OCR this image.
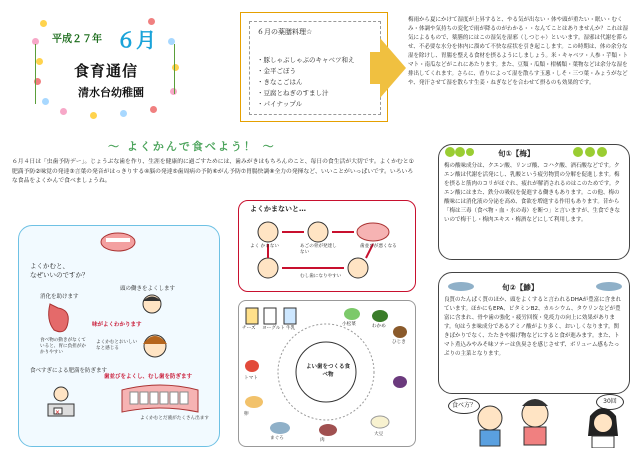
平成２７年 ６月
食育通信
清水台幼稚園
６月の薬膳料理☆
・豚しゃぶしゃぶのキャベツ和え
・金平ごぼう
・きなこごはん
・豆腐とねぎのすまし汁
・パイナップル
梅雨から夏にかけて湿度が上昇すると、やる気が出ない・体や頭が重たい・眠い・むくみ・体調や気持ちの変化で雨が降るのがわかる・・なんてことはありませんか？これは湿気によるもので、薬膳的にはこの湿気を湿邪（しつじゃ）といいます。湿邪は代謝を滞らせ、不必要な水分を体内に溜めて不快な症状を引き起こします。この時期は、体の余分な湿を除けし、胃腸を整える食材を摂るようにしましょう。米・キャベツ・人参・芋類・トマト・南瓜などがこれにあたります。また、豆類・瓜類・柑橘類・葉物などは余分な湿を排出してくれます。さらに、香りによって湿を散らす玉葱・しそ・三つ葉・みょうがなどや、発汗させて湿を散らす生姜・ねぎなどを合わせて摂るのも効果的です。
～ よくかんで食べよう！ ～
６月４日は「虫歯予防デー」。じょうぶな歯を作り、生涯を健康的に過ごすためには、歯みがきはもちろんのこと、毎日の食生活が大切です。よくかむと①肥満予防②味覚の発達③言葉の発音がはっきりする④脳の発達⑤歯周病の予防⑥がん予防⑦胃腸快調⑧全力の発揮など、いいことがいっぱいです。いろいろな食品をよくかんで食べましょうね。
よくかむと、
なぜいいのですか？
消化を助けます
頭の働きをよくします
味がよくわかります
食べ物の動きがなくていると、胃に負担がかかりやすい
よくかむとおいしいなと感じる
食べすぎによる肥満を防ぎます
歯並びをよくし、むし歯を防ぎます
×
よくかむとだ液がたくさん出ます
よくかまないと…
よく かまない	あごの骨が発達しない
歯並びが悪くなる
むし歯になりやすい
よい歯をつくる食べ物
チーズ ヨーグルト 牛乳
小松菜	わかめ
ひじき
トマト
卵
まぐろ	肉
大豆
旬①【梅】
梅の酸味成分は、クエン酸、リンゴ酸、コハク酸、酒石酸などです。クエン酸は代謝を活発にし、乳酸という疲労物質の分解を促進します。梅を摂ると筋肉のコリがほぐれ、疲れが解消されるのはこのためです。クエン酸にはまた、鉄分の吸収を促進する働きもあります。この他、梅の酸味には消化液の分泌を高め、食欲を増進する作用もあります。昔から「梅は三毒（食べ物・血・水の毒）を断つ」と言いますが、生食できないので梅干し・梅肉エキス・梅酒などにして利用します。
旬②【鯵】
良質のたんぱく質のほか、頭をよくすると言われるDHAが豊富に含まれています。ほかにもEPA、ビタミンB2、カルシウム、タウリンなどが豊富に含まれ、骨や歯の強化・疲労回復・免疫力の向上に効果があります。旬はうま味成分であるアミノ酸がより多く、おいしくなります。関きばかりでなく、たたきや揚げ物などにすると食が進みます。また、トマト煮込みやみそ味ソテーは魚臭さを感じさせず、ボリューム感もたっぷりの主菜となります。
食べ方？
30回
